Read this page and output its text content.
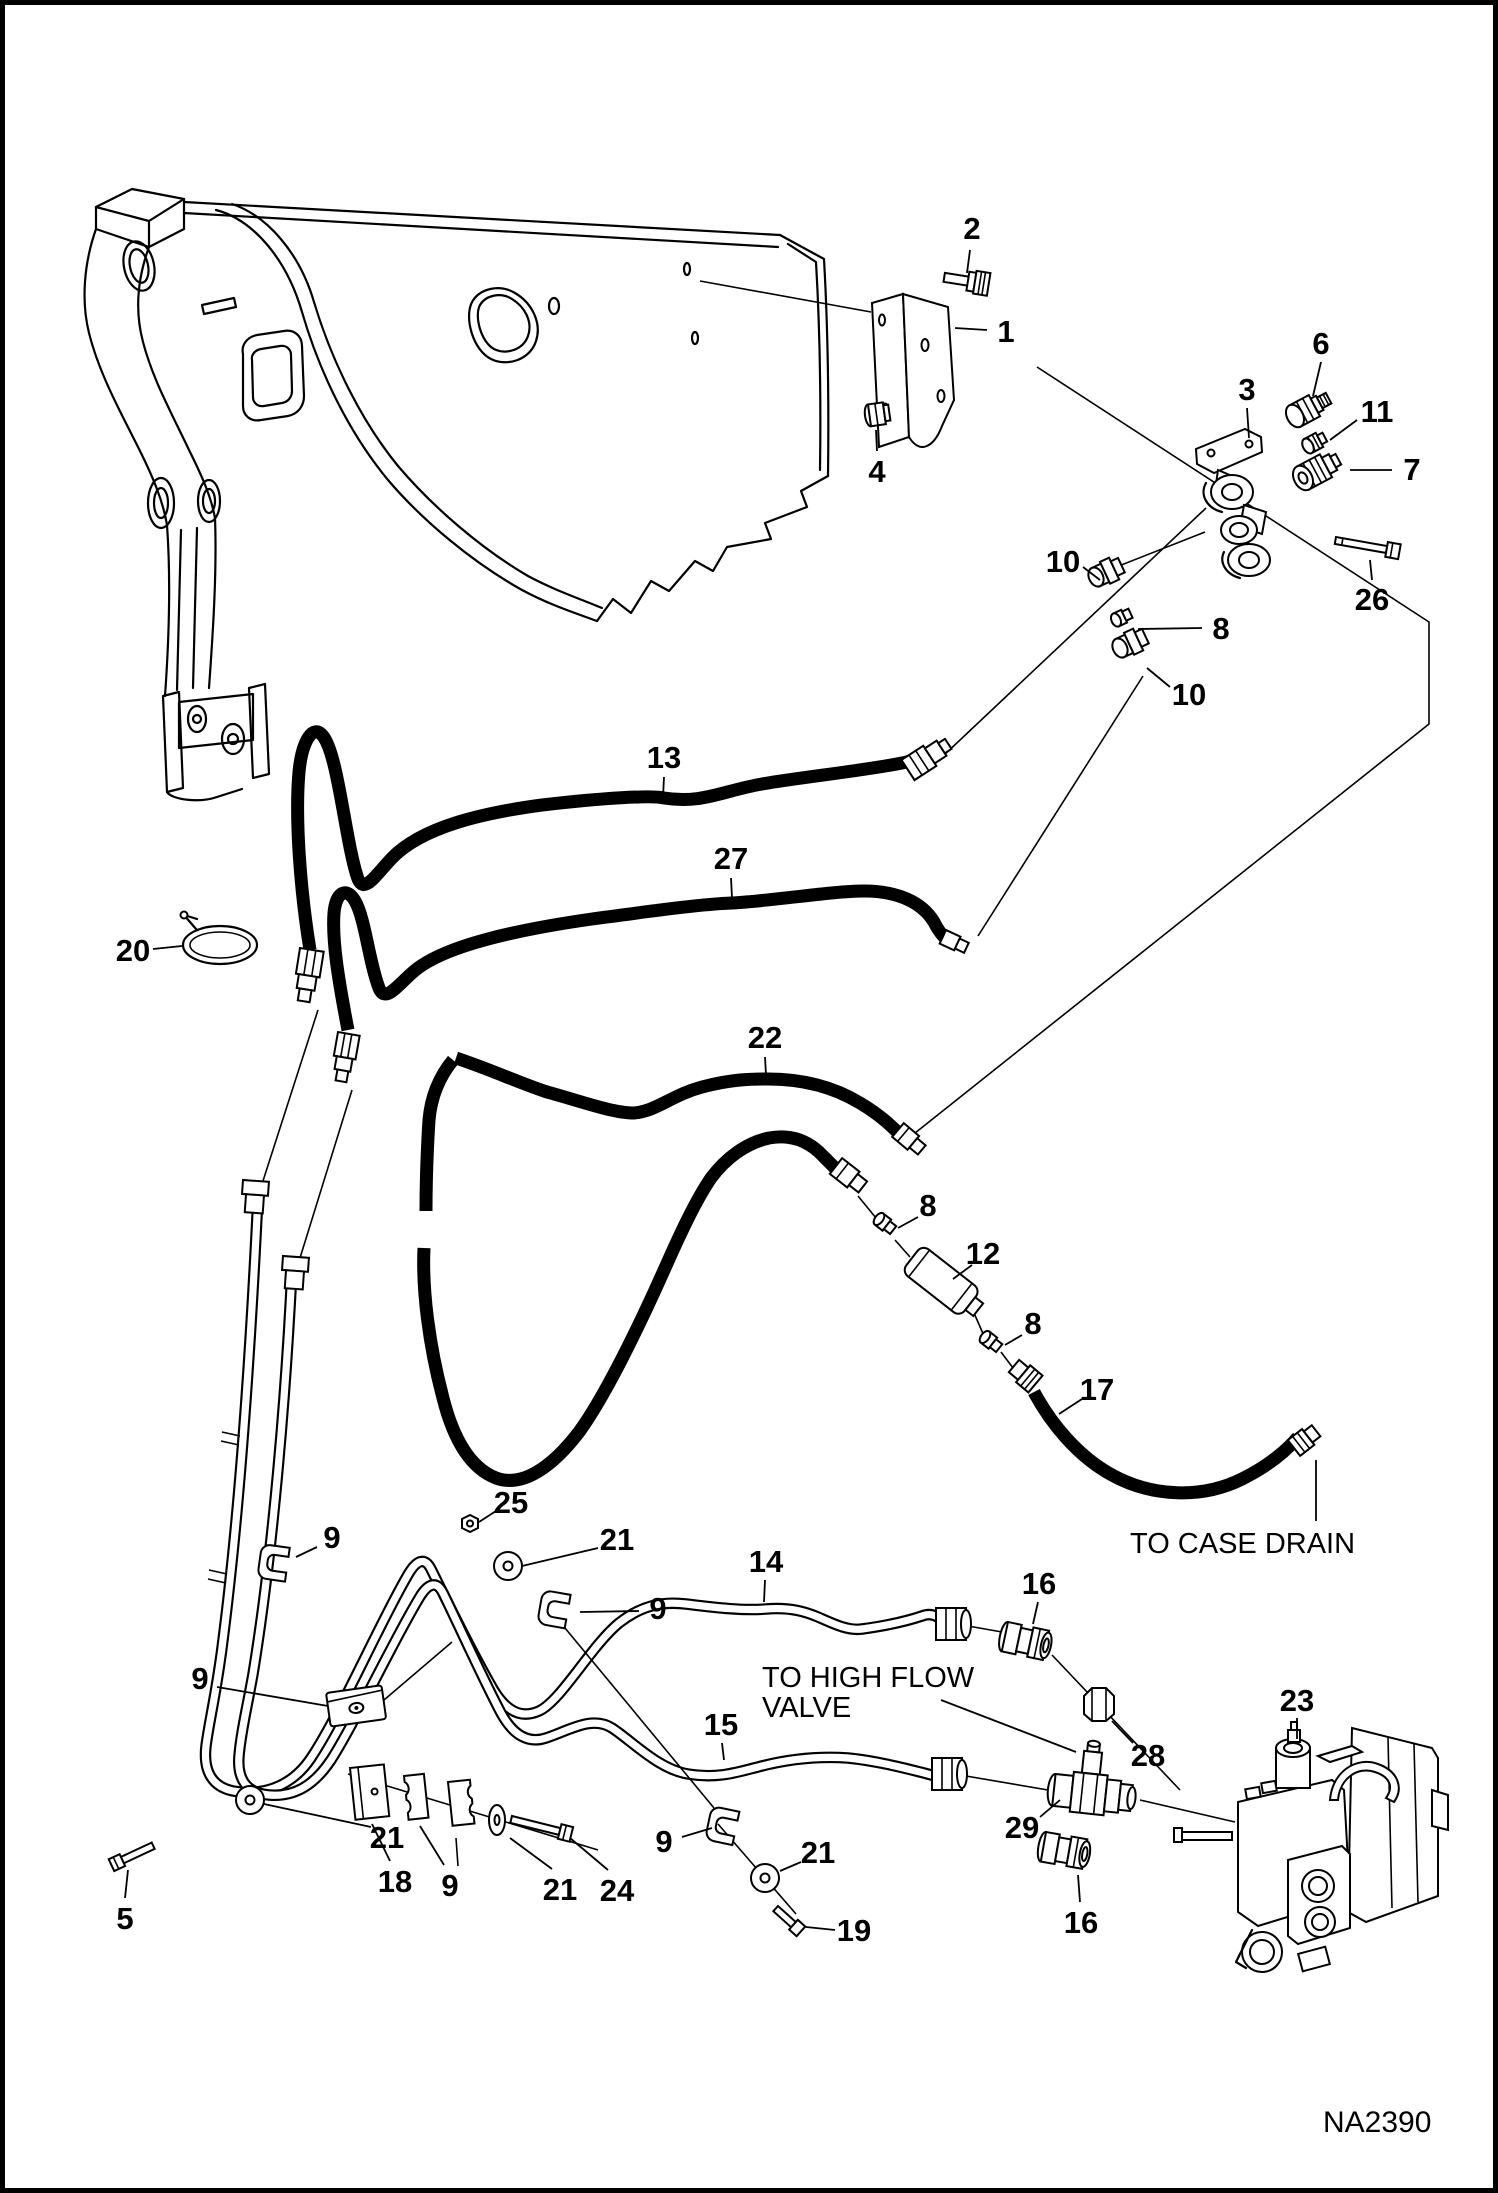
2
1
4
6
3
11
7
26
10
8
10
13
27
20
22
8
12
8
17
25
21
9
9
14
16
9
21
5
15
18 9	21 24
9	21
19
28
29
16
23
TO HIGH FLOW
VALVE
TO CASE DRAIN
NA2390
